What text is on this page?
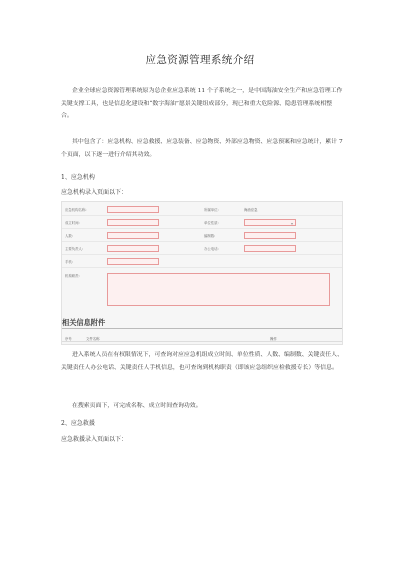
应急资源管理系统介绍

企业全球应急资源管理系统原为总企业应急系统 11 个子系统之一，是中国海油安全生产和应急管理工作关键支撑工具，也是信息化建设和“数字海油”愿景关键组成部分，现已和重大危险源、隐患管理系统相整合。

其中包含了：应急机构、应急救援、应急装备、应急物资、外部应急物资、应急预案和应急统计，累计 7 个页面，以下逐一进行介绍其功效。

1、应急机构
应急机构录入页面以下：
应急机构名称:	所属单位:	海油应急
成立时间:	单位性质:	▾
人数:	编制数:
主要负责人:	办公电话:
手机:
机构职责:
相关信息附件
序号	文件名称	操作

进入系统人员在有权限情况下，可查询对应应急机组成立时间、单位性质、人数、编制数、关键责任人、关键责任人办公电话、关键责任人手机信息，也可查询到机构职责（即该应急组织应检救援专长）等信息。

在搜索页面下，可完成名称、成立时间查询功效。

2、应急救援
应急救援录入页面以下：
